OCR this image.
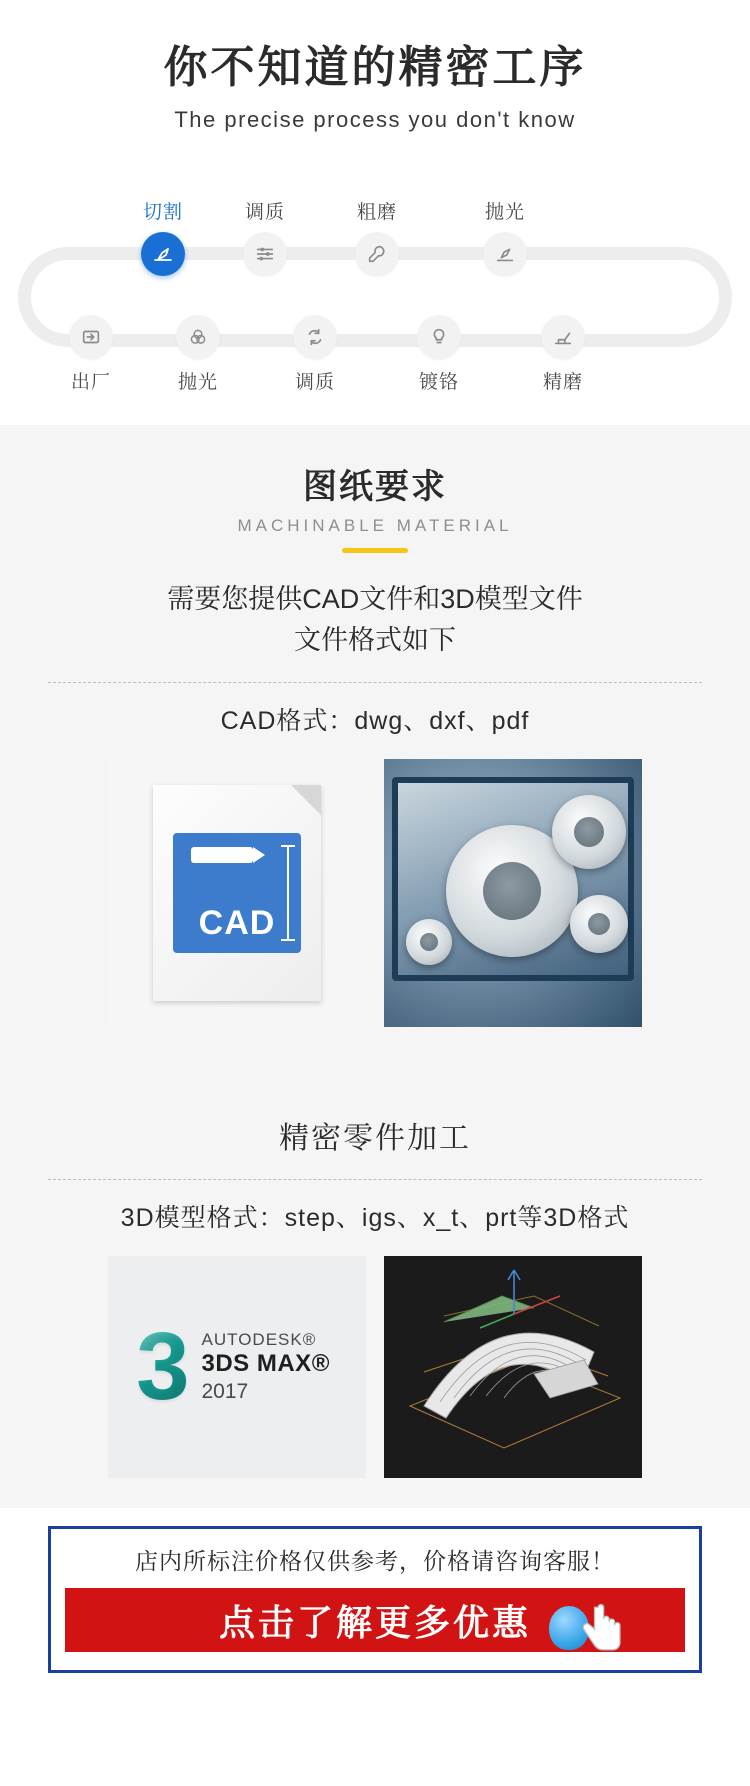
你不知道的精密工序
The precise process you don't know
切割	调质	粗磨	抛光
出厂	抛光	调质	镀铬	精磨
图纸要求
MACHINABLE MATERIAL
需要您提供CAD文件和3D模型文件
文件格式如下
CAD格式：dwg、dxf、pdf
CAD
精密零件加工
3D模型格式：step、igs、x_t、prt等3D格式
3 AUTODESK®
3DS MAX®
2017
店内所标注价格仅供参考，价格请咨询客服！
点击了解更多优惠
